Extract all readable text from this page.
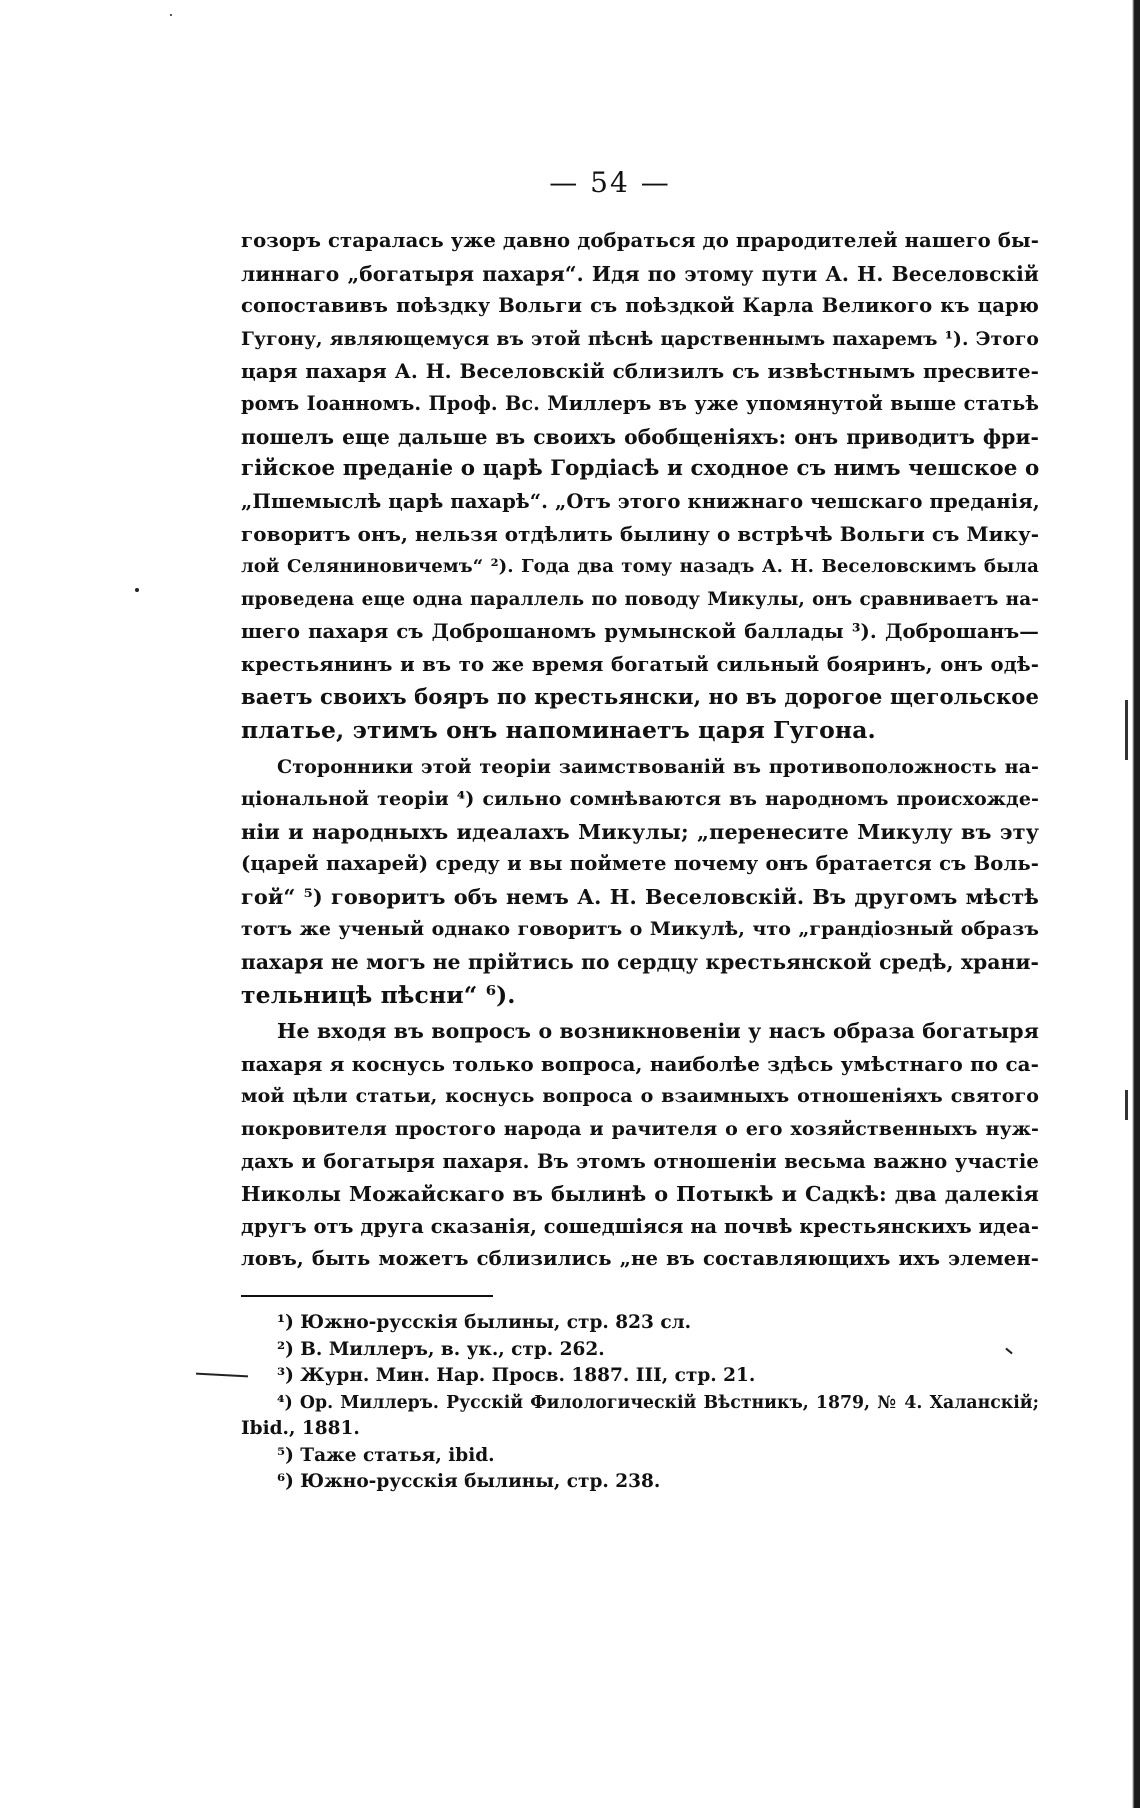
— 54 —
гозоръ старалась уже давно добраться до прародителей нашего бы-
линнаго „богатыря пахаря“. Идя по этому пути А. Н. Веселовскій
сопоставивъ поѣздку Вольги съ поѣздкой Карла Великого къ царю
Гугону, являющемуся въ этой пѣснѣ царственнымъ пахаремъ ¹). Этого
царя пахаря А. Н. Веселовскій сблизилъ съ извѣстнымъ пресвите-
ромъ Іоанномъ. Проф. Вс. Миллеръ въ уже упомянутой выше статьѣ
пошелъ еще дальше въ своихъ обобщеніяхъ: онъ приводитъ фри-
гійское преданіе о царѣ Гордіасѣ и сходное съ нимъ чешское о
„Пшемыслѣ царѣ пахарѣ“. „Отъ этого книжнаго чешскаго преданія,
говоритъ онъ, нельзя отдѣлить былину о встрѣчѣ Вольги съ Мику-
лой Селяниновичемъ“ ²). Года два тому назадъ А. Н. Веселовскимъ была
проведена еще одна параллель по поводу Микулы, онъ сравниваетъ на-
шего пахаря съ Доброшаномъ румынской баллады ³). Доброшанъ—
крестьянинъ и въ то же время богатый сильный бояринъ, онъ одѣ-
ваетъ своихъ бояръ по крестьянски, но въ дорогое щегольское
платье, этимъ онъ напоминаетъ царя Гугона.
Сторонники этой теоріи заимствованій въ противоположность на-
ціональной теоріи ⁴) сильно сомнѣваются въ народномъ происхожде-
ніи и народныхъ идеалахъ Микулы; „перенесите Микулу въ эту
(царей пахарей) среду и вы поймете почему онъ братается съ Воль-
гой“ ⁵) говоритъ объ немъ А. Н. Веселовскій. Въ другомъ мѣстѣ
тотъ же ученый однако говоритъ о Микулѣ, что „грандіозный образъ
пахаря не могъ не прійтись по сердцу крестьянской средѣ, храни-
тельницѣ пѣсни“ ⁶).
Не входя въ вопросъ о возникновеніи у насъ образа богатыря
пахаря я коснусь только вопроса, наиболѣе здѣсь умѣстнаго по са-
мой цѣли статьи, коснусь вопроса о взаимныхъ отношеніяхъ святого
покровителя простого народа и рачителя о его хозяйственныхъ нуж-
дахъ и богатыря пахаря. Въ этомъ отношеніи весьма важно участіе
Николы Можайскаго въ былинѣ о Потыкѣ и Садкѣ: два далекія
другъ отъ друга сказанія, сошедшіяся на почвѣ крестьянскихъ идеа-
ловъ, быть можетъ сблизились „не въ составляющихъ ихъ элемен-
¹) Южно-русскія былины, стр. 823 сл.
²) В. Миллеръ, в. ук., стр. 262.
³) Журн. Мин. Нар. Просв. 1887. III, стр. 21.
⁴) Ор. Миллеръ. Русскій Филологическій Вѣстникъ, 1879, № 4. Халанскій;
Ibid., 1881.
⁵) Таже статья, ibid.
⁶) Южно-русскія былины, стр. 238.
